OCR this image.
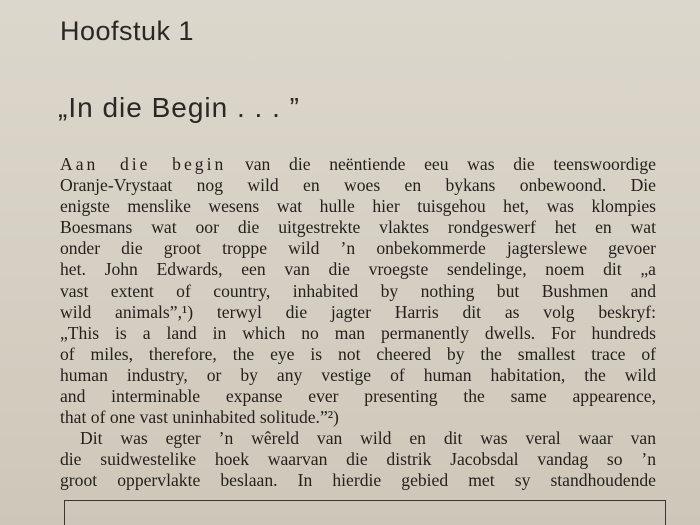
Hoofstuk 1
„In die Begin . . . ”
Aan die begin van die neëntiende eeu was die teenswoordige
Oranje-Vrystaat nog wild en woes en bykans onbewoond. Die
enigste menslike wesens wat hulle hier tuisgehou het, was klompies
Boesmans wat oor die uitgestrekte vlaktes rondgeswerf het en wat
onder die groot troppe wild ’n onbekommerde jagterslewe gevoer
het. John Edwards, een van die vroegste sendelinge, noem dit „a
vast extent of country, inhabited by nothing but Bushmen and
wild animals”,¹) terwyl die jagter Harris dit as volg beskryf:
„This is a land in which no man permanently dwells. For hundreds
of miles, therefore, the eye is not cheered by the smallest trace of
human industry, or by any vestige of human habitation, the wild
and interminable expanse ever presenting the same appearence,
that of one vast uninhabited solitude.”²)
Dit was egter ’n wêreld van wild en dit was veral waar van
die suidwestelike hoek waarvan die distrik Jacobsdal vandag so ’n
groot oppervlakte beslaan. In hierdie gebied met sy standhoudende
